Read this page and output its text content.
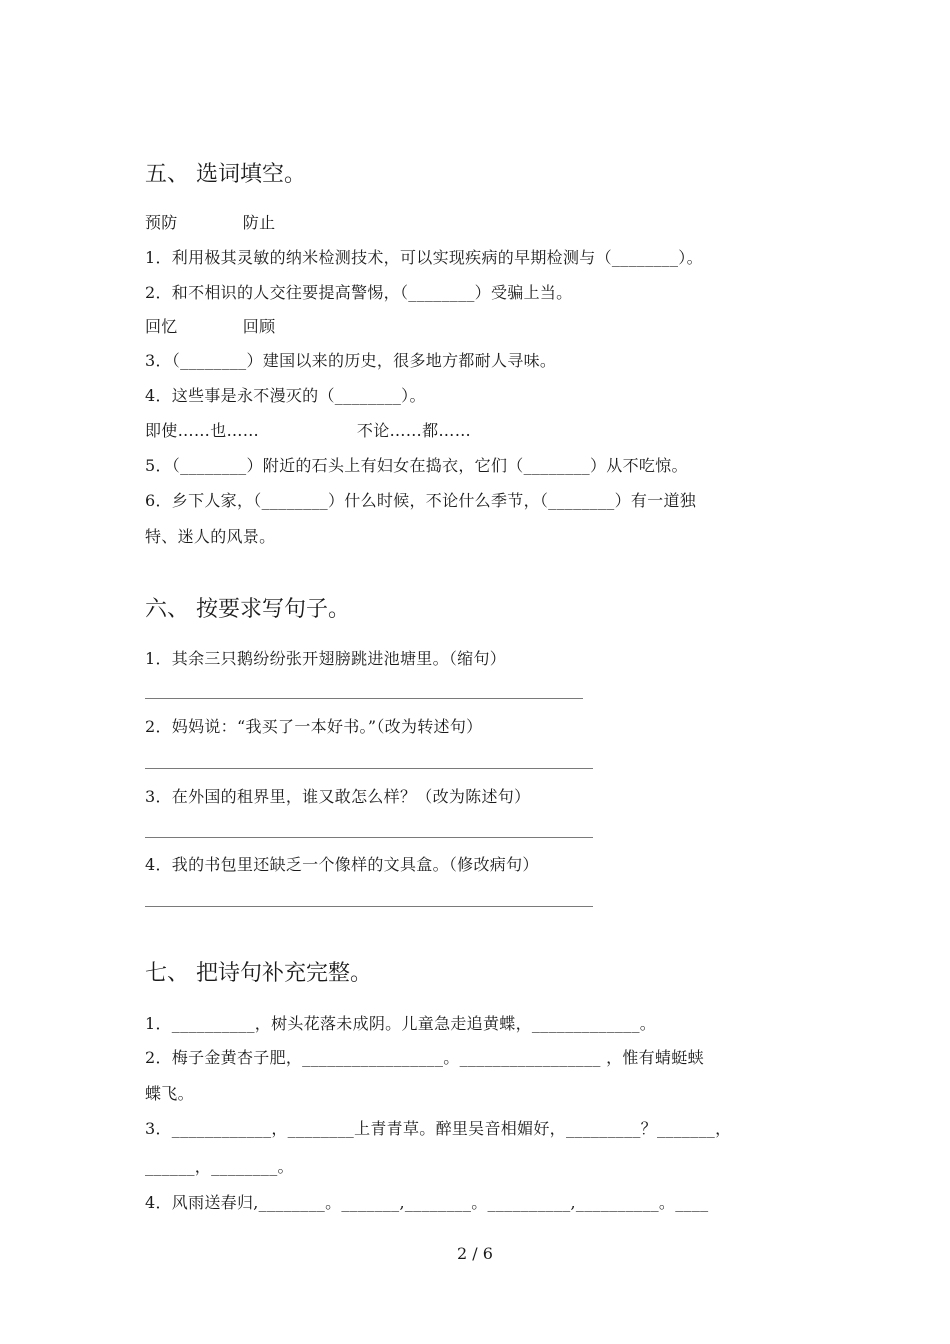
五、 选词填空。
预防　　　　防止
1．利用极其灵敏的纳米检测技术，可以实现疾病的早期检测与（________）。
2．和不相识的人交往要提高警惕，（________）受骗上当。
回忆　　　　回顾
3．（________）建国以来的历史，很多地方都耐人寻味。
4．这些事是永不漫灭的（________）。
即使……也……　　　　　　不论……都……
5．（________）附近的石头上有妇女在捣衣，它们（________）从不吃惊。
6．乡下人家，（________）什么时候，不论什么季节，（________）有一道独
特、迷人的风景。
六、 按要求写句子。
1．其余三只鹅纷纷张开翅膀跳进池塘里。（缩句）
2．妈妈说：“我买了一本好书。”（改为转述句）
3．在外国的租界里，谁又敢怎么样？（改为陈述句）
4．我的书包里还缺乏一个像样的文具盒。（修改病句）
七、 把诗句补充完整。
1．__________，树头花落未成阴。儿童急走追黄蝶，_____________。
2．梅子金黄杏子肥，_________________。_________________ ，惟有蜻蜓蛱
蝶飞。
3．____________，________上青青草。醉里吴音相媚好，_________？_______，
______，________。
4．风雨送春归,________。_______,________。__________,__________。____
2 / 6
